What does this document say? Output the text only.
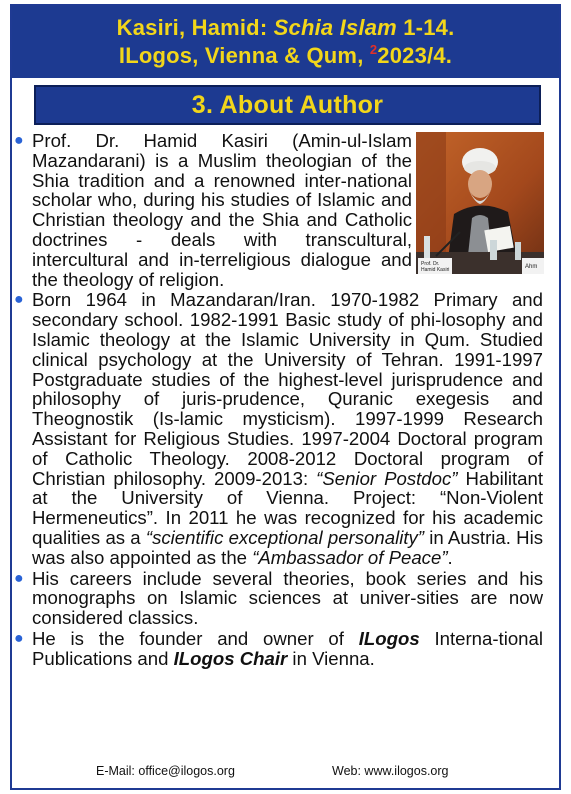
Kasiri, Hamid: Schia Islam 1-14.
ILogos, Vienna & Qum, $^2$2023/4.
3. About Author
Prof. Dr.
Hamid Kasiri	Ahm
● Prof. Dr. Hamid Kasiri (Amin-ul-Islam Mazandarani) is a Muslim theologian of the Shia tradition and a renowned inter-national scholar who, during his studies of Islamic and Christian theology and the Shia and Catholic doctrines - deals with transcultural, intercultural and in-terreligious dialogue and the theology of religion.

● Born 1964 in Mazandaran/Iran. 1970-1982 Primary and secondary school. 1982-1991 Basic study of phi-losophy and Islamic theology at the Islamic University in Qum. Studied clinical psychology at the University of Tehran. 1991-1997 Postgraduate studies of the highest-level jurisprudence and philosophy of juris-prudence, Quranic exegesis and Theognostik (Is-lamic mysticism). 1997-1999 Research Assistant for Religious Studies. 1997-2004 Doctoral program of Catholic Theology. 2008-2012 Doctoral program of Christian philosophy. 2009-2013:

“Senior Postdoc”

Habilitant at the University of Vienna. Project: “Non-Violent Hermeneutics”. In 2011 he was recognized for his academic qualities as a

“scientific exceptional personality”

in Austria. His was also appointed as the

“Ambassador of Peace”

.

● His careers include several theories, book series and his monographs on Islamic sciences at univer-sities are now considered classics.

● He is the founder and owner of

ILogos

Interna-tional Publications and

ILogos Chair

in Vienna.

E-Mail: office@ilogos.org	Web: www.ilogos.org
